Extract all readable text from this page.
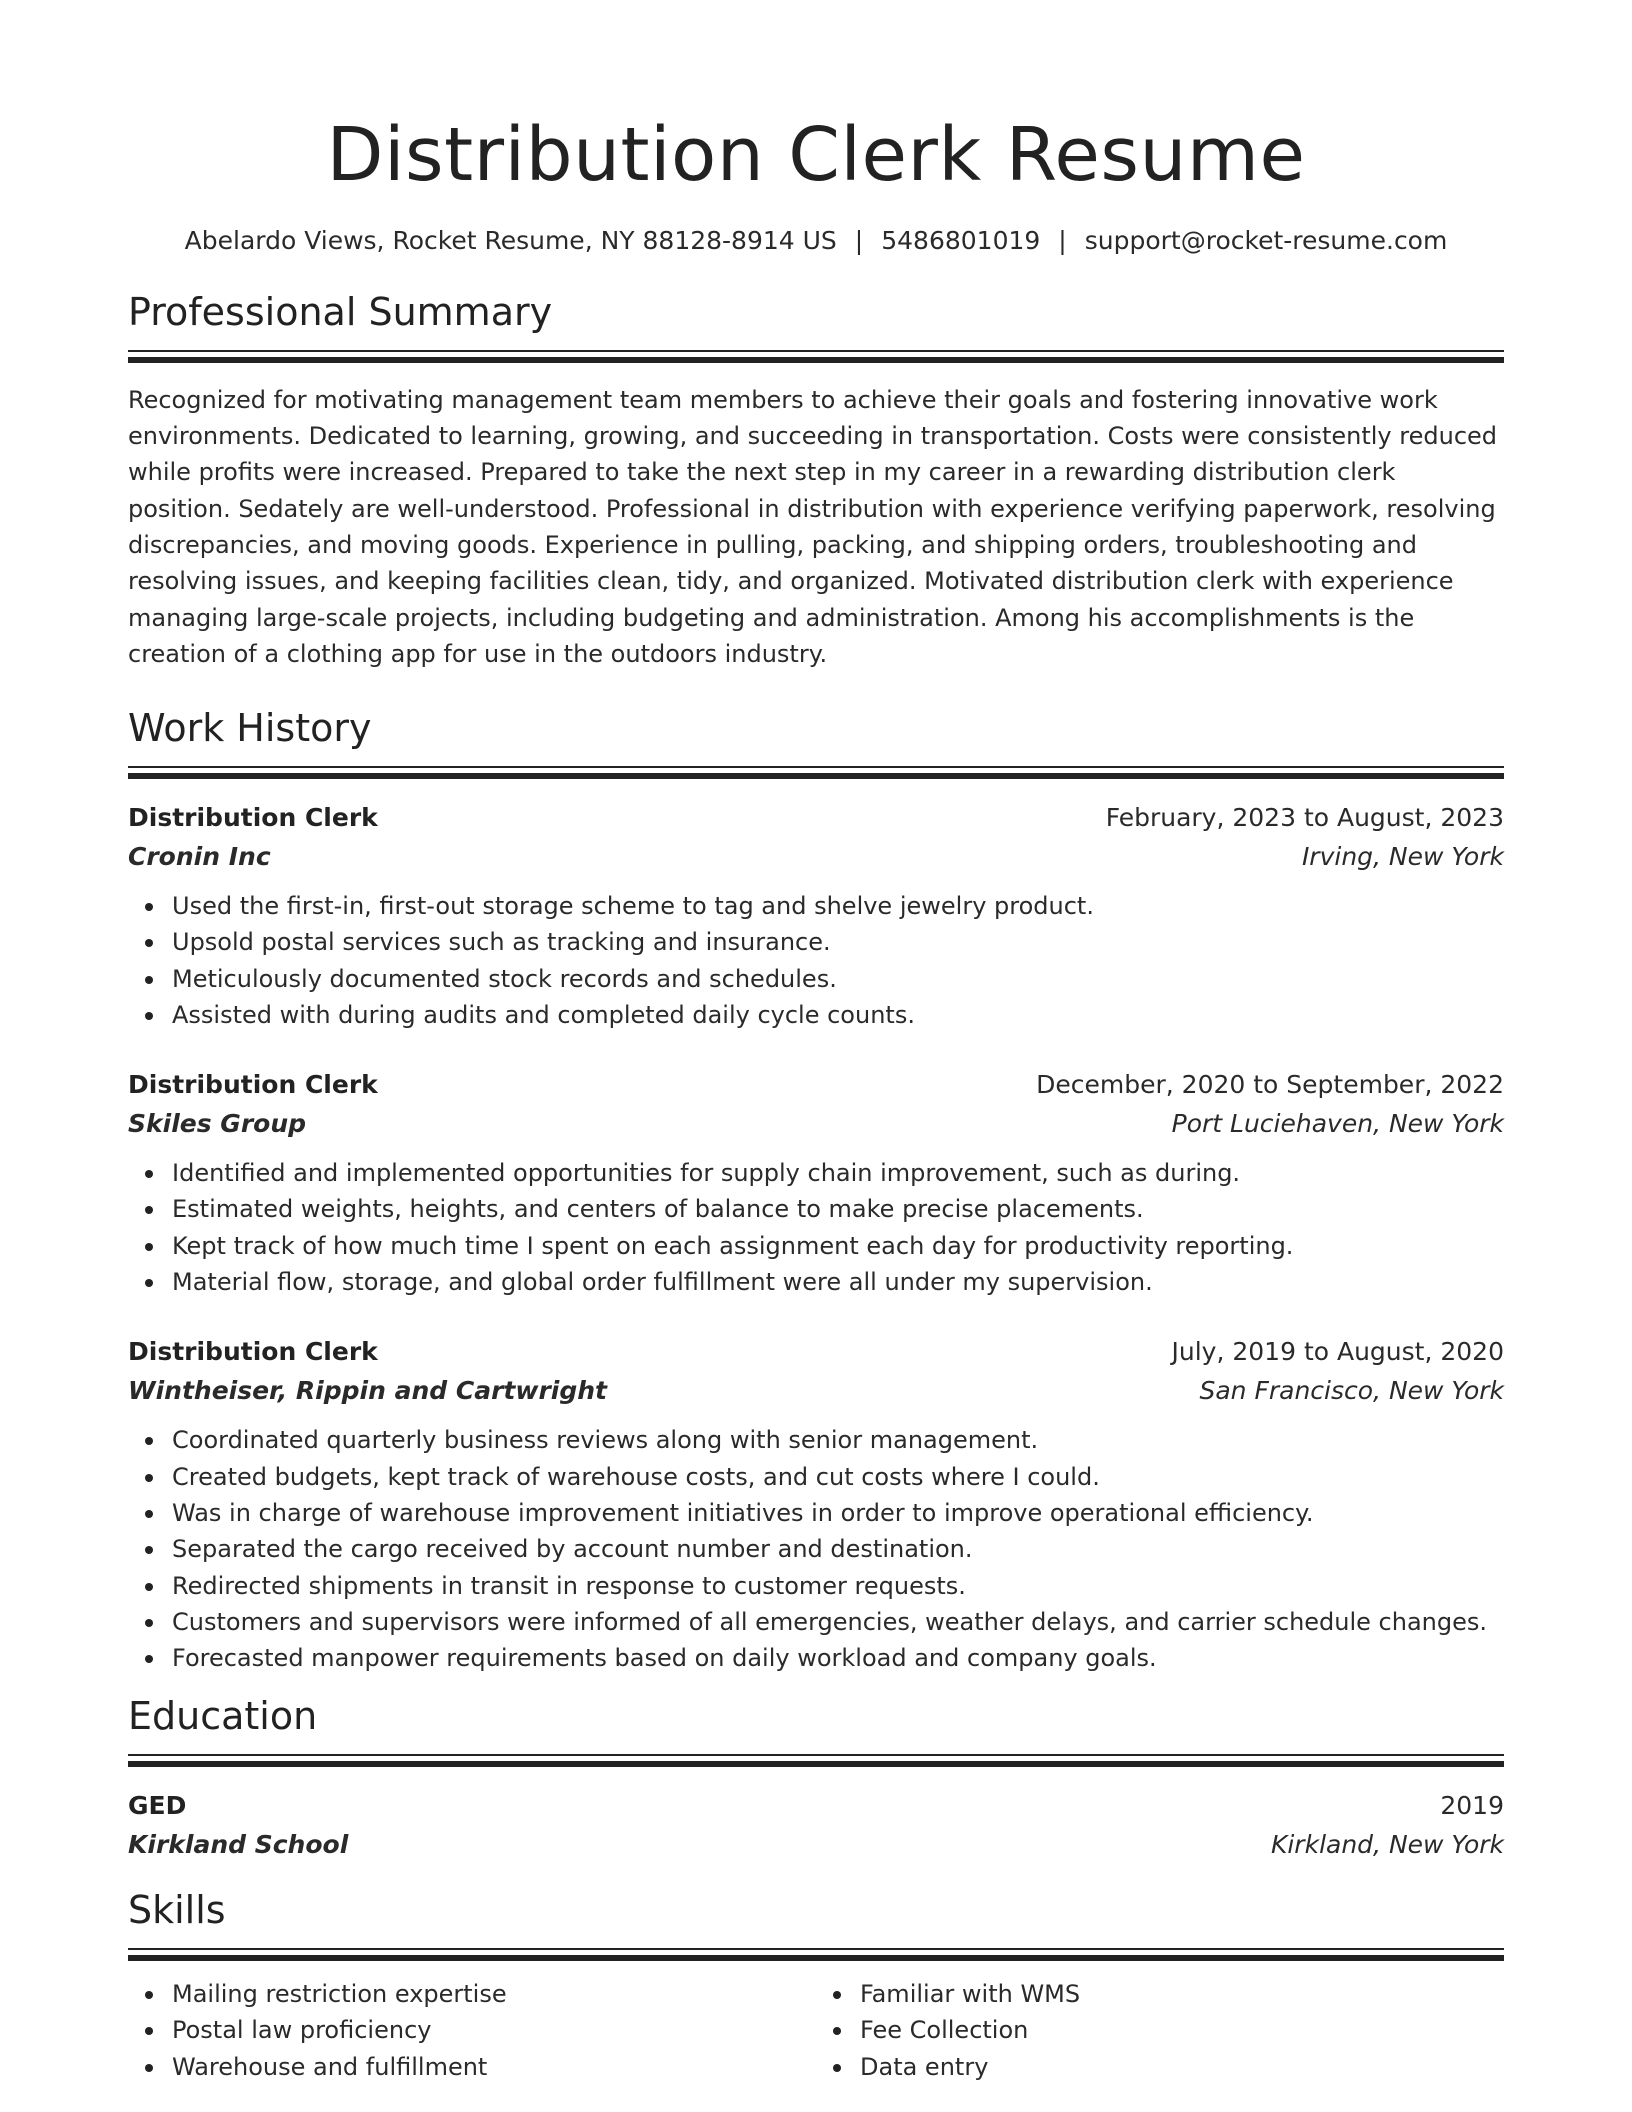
Distribution Clerk Resume
Abelardo Views, Rocket Resume, NY 88128-8914 US | 5486801019 | support@rocket-resume.com
Professional Summary

Recognized for motivating management team members to achieve their goals and fostering innovative work environments. Dedicated to learning, growing, and succeeding in transportation. Costs were consistently reduced while profits were increased. Prepared to take the next step in my career in a rewarding distribution clerk position. Sedately are well-understood. Professional in distribution with experience verifying paperwork, resolving discrepancies, and moving goods. Experience in pulling, packing, and shipping orders, troubleshooting and resolving issues, and keeping facilities clean, tidy, and organized. Motivated distribution clerk with experience managing large-scale projects, including budgeting and administration. Among his accomplishments is the creation of a clothing app for use in the outdoors industry.

Work History
Distribution Clerk	February, 2023 to August, 2023
Cronin Inc	Irving, New York
Used the first-in, first-out storage scheme to tag and shelve jewelry product.
Upsold postal services such as tracking and insurance.
Meticulously documented stock records and schedules.
Assisted with during audits and completed daily cycle counts.
Distribution Clerk	December, 2020 to September, 2022
Skiles Group	Port Luciehaven, New York
Identified and implemented opportunities for supply chain improvement, such as during.
Estimated weights, heights, and centers of balance to make precise placements.
Kept track of how much time I spent on each assignment each day for productivity reporting.
Material flow, storage, and global order fulfillment were all under my supervision.
Distribution Clerk	July, 2019 to August, 2020
Wintheiser, Rippin and Cartwright	San Francisco, New York
Coordinated quarterly business reviews along with senior management.
Created budgets, kept track of warehouse costs, and cut costs where I could.
Was in charge of warehouse improvement initiatives in order to improve operational efficiency.
Separated the cargo received by account number and destination.
Redirected shipments in transit in response to customer requests.
Customers and supervisors were informed of all emergencies, weather delays, and carrier schedule changes.
Forecasted manpower requirements based on daily workload and company goals.
Education
GED	2019
Kirkland School	Kirkland, New York
Skills
Mailing restriction expertise
Postal law proficiency
Warehouse and fulfillment
Familiar with WMS
Fee Collection
Data entry
